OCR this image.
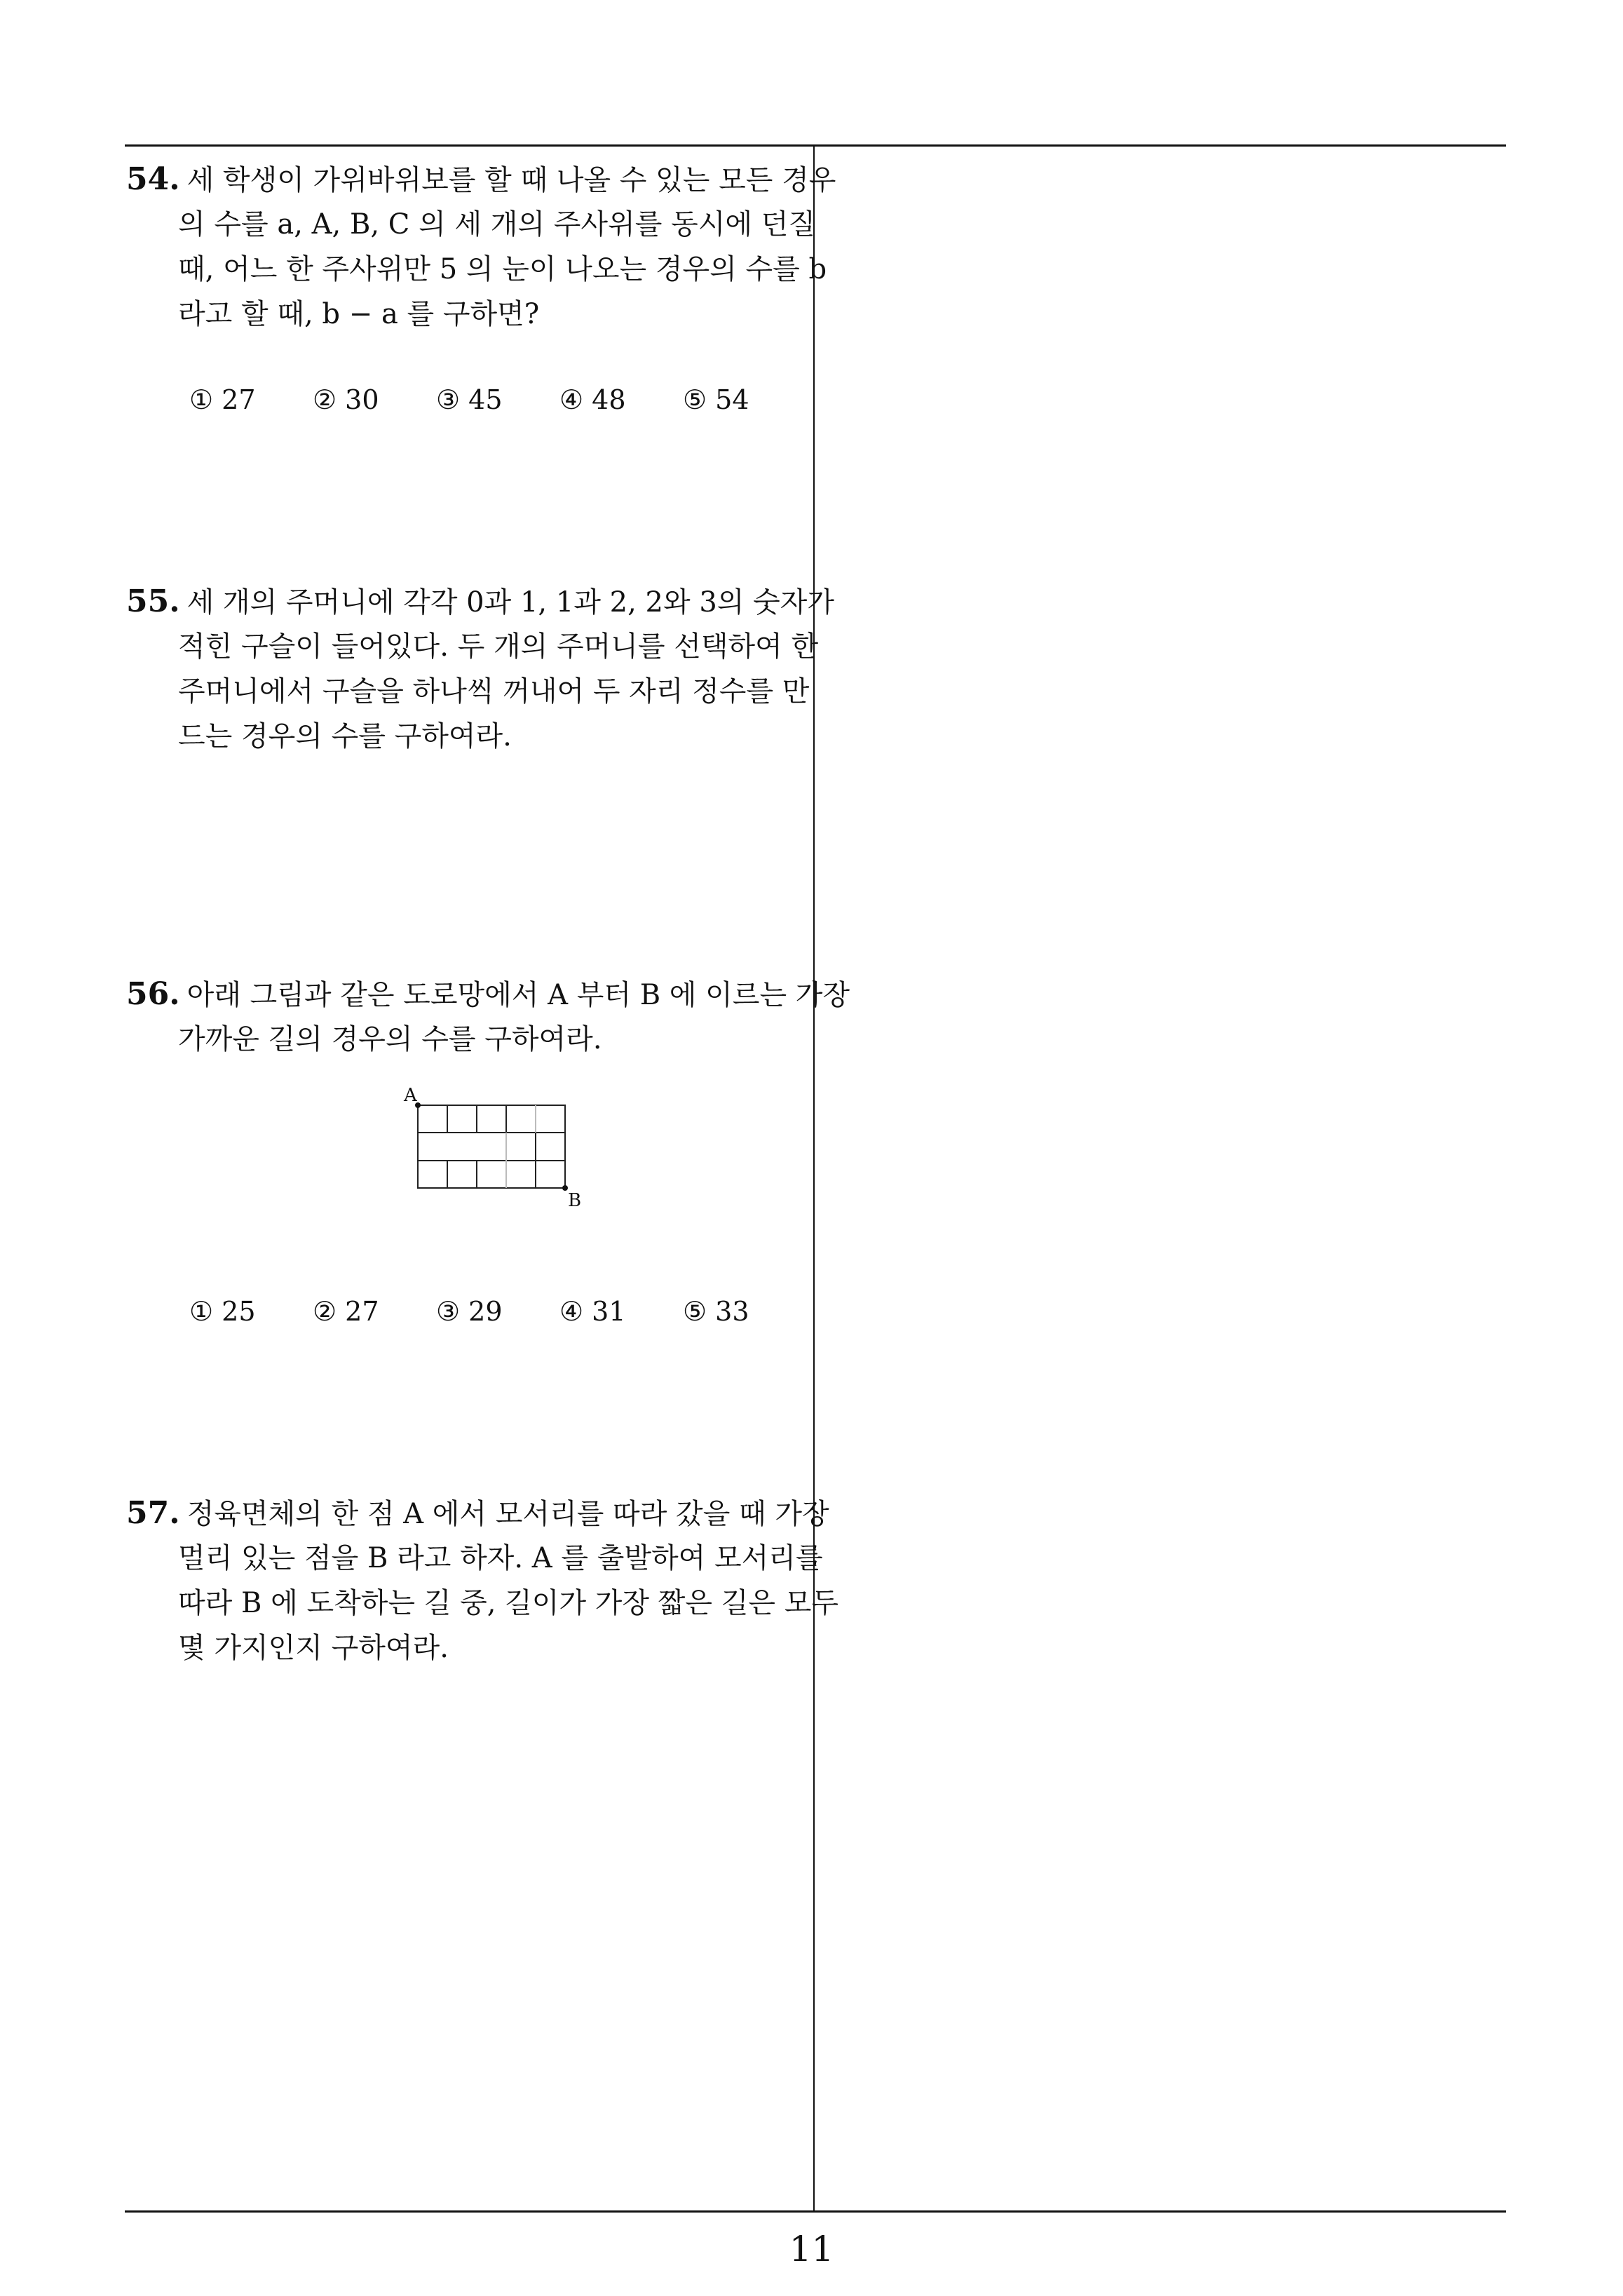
54. 세 학생이 가위바위보를 할 때 나올 수 있는 모든 경우
의 수를 a, A, B, C 의 세 개의 주사위를 동시에 던질
때, 어느 한 주사위만 5 의 눈이 나오는 경우의 수를 b
라고 할 때, b − a 를 구하면?
① 27 ② 30 ③ 45 ④ 48 ⑤ 54
55. 세 개의 주머니에 각각 0과 1, 1과 2, 2와 3의 숫자가
적힌 구슬이 들어있다. 두 개의 주머니를 선택하여 한
주머니에서 구슬을 하나씩 꺼내어 두 자리 정수를 만
드는 경우의 수를 구하여라.
56. 아래 그림과 같은 도로망에서 A 부터 B 에 이르는 가장
가까운 길의 경우의 수를 구하여라.
A
B
① 25 ② 27 ③ 29 ④ 31 ⑤ 33
57. 정육면체의 한 점 A 에서 모서리를 따라 갔을 때 가장
멀리 있는 점을 B 라고 하자. A 를 출발하여 모서리를
따라 B 에 도착하는 길 중, 길이가 가장 짧은 길은 모두
몇 가지인지 구하여라.
11
